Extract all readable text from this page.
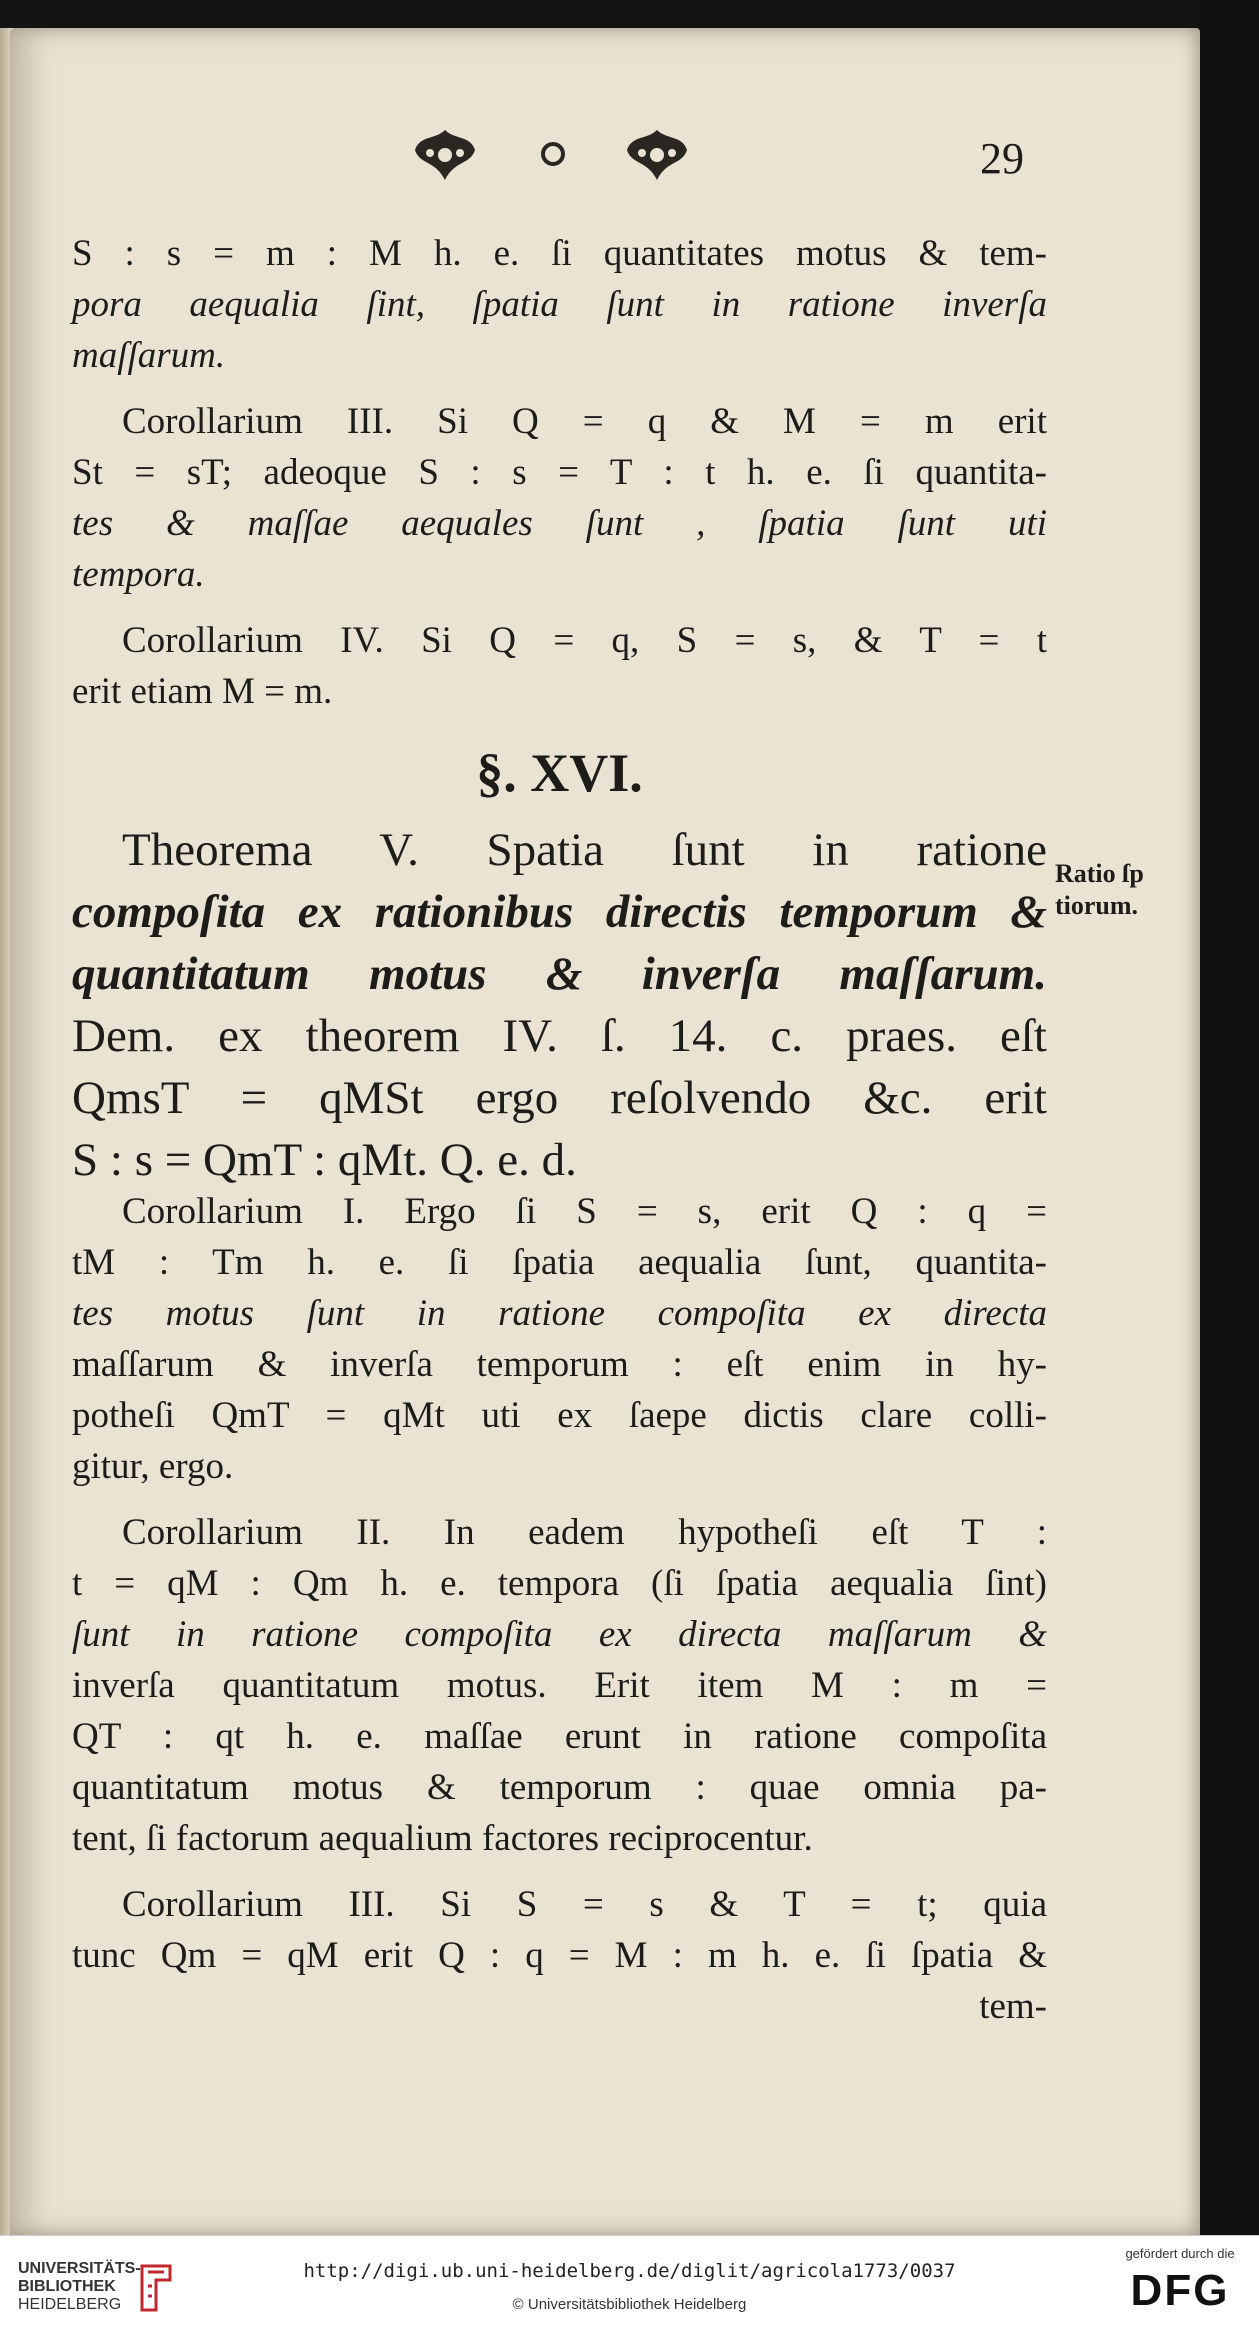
29
S : s = m : M h. e. ſi quantitates motus & tem-
pora aequalia ſint, ſpatia ſunt in ratione inverſa
maſſarum.
Corollarium III. Si Q = q & M = m erit
St = sT; adeoque S : s = T : t h. e. ſi quantita-
tes & maſſae aequales ſunt , ſpatia ſunt uti
tempora.
Corollarium IV. Si Q = q, S = s, & T = t
erit etiam M = m.
§. XVI.
Theorema V. Spatia ſunt in ratione
compoſita ex rationibus directis temporum &
quantitatum motus & inverſa maſſarum.
Dem. ex theorem IV. ſ. 14. c. praes. eſt
QmsT = qMSt ergo reſolvendo &c. erit
S : s = QmT : qMt. Q. e. d.
Corollarium I. Ergo ſi S = s, erit Q : q =
tM : Tm h. e. ſi ſpatia aequalia ſunt, quantita-
tes motus ſunt in ratione compoſita ex directa
maſſarum & inverſa temporum : eſt enim in hy-
potheſi QmT = qMt uti ex ſaepe dictis clare colli-
gitur, ergo.
Corollarium II. In eadem hypotheſi eſt T :
t = qM : Qm h. e. tempora (ſi ſpatia aequalia ſint)
ſunt in ratione compoſita ex directa maſſarum &
inverſa quantitatum motus. Erit item M : m =
QT : qt h. e. maſſae erunt in ratione compoſita
quantitatum motus & temporum : quae omnia pa-
tent, ſi factorum aequalium factores reciprocentur.
Corollarium III. Si S = s & T = t; quia
tunc Qm = qM erit Q : q = M : m h. e. ſi ſpatia &
tem-
Ratio ſp
tiorum.
UNIVERSITÄTS-
BIBLIOTHEK
HEIDELBERG
http://digi.ub.uni-heidelberg.de/diglit/agricola1773/0037
© Universitätsbibliothek Heidelberg
gefördert durch die
DFG
